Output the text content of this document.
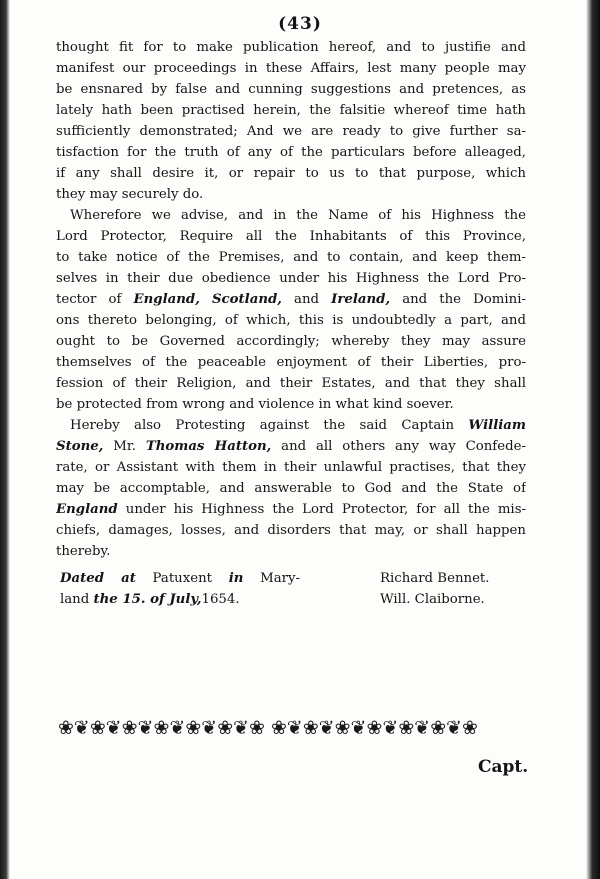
(43)
thought fit for to make publication hereof, and to justifie and
manifest our proceedings in these Affairs, lest many people may
be ensnared by false and cunning suggestions and pretences, as
lately hath been practised herein, the falsitie whereof time hath
sufficiently demonstrated; And we are ready to give further sa-
tisfaction for the truth of any of the particulars before alleaged,
if any shall desire it, or repair to us to that purpose, which
they may securely do.
Wherefore we advise, and in the Name of his Highness the
Lord Protector, Require all the Inhabitants of this Province,
to take notice of the Premises, and to contain, and keep them-
selves in their due obedience under his Highness the Lord Pro-
tector of England, Scotland, and Ireland, and the Domini-
ons thereto belonging, of which, this is undoubtedly a part, and
ought to be Governed accordingly; whereby they may assure
themselves of the peaceable enjoyment of their Liberties, pro-
fession of their Religion, and their Estates, and that they shall
be protected from wrong and violence in what kind soever.
Hereby also Protesting against the said Captain William
Stone, Mr. Thomas Hatton, and all others any way Confede-
rate, or Assistant with them in their unlawful practises, that they
may be accomptable, and answerable to God and the State of
England under his Highness the Lord Protector, for all the mis-
chiefs, damages, losses, and disorders that may, or shall happen
thereby.
Dated at Patuxent in Mary-
land the 15. of July,1654.
Richard Bennet.
Will. Claiborne.
❀❦❀❦❀❦❀❦❀❦❀❦❀ ❀❦❀❦❀❦❀❦❀❦❀❦❀
Capt.
